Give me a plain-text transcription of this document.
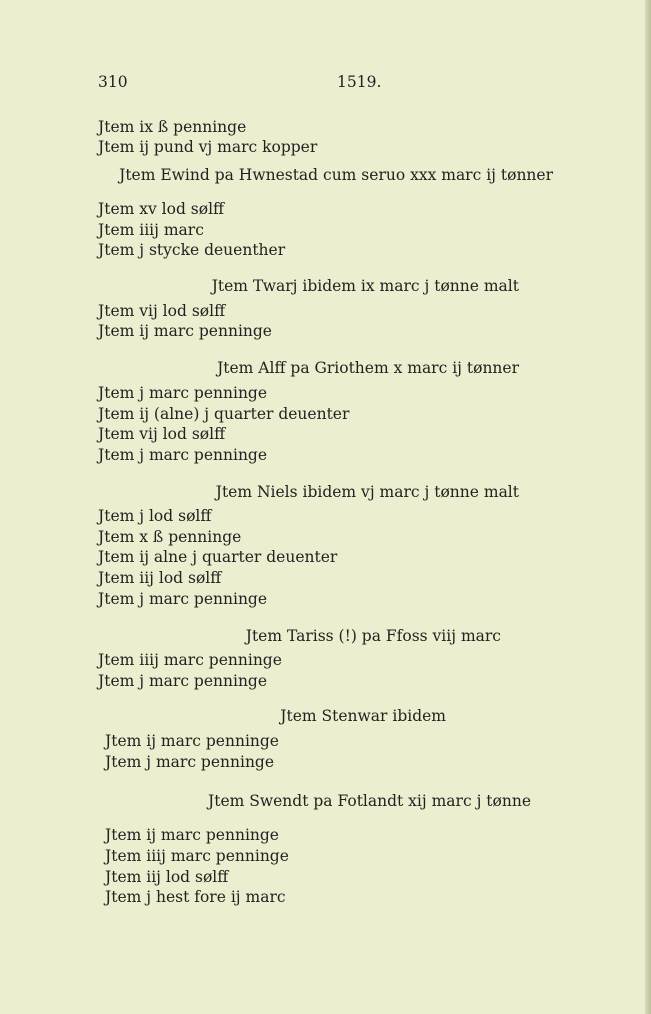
310	1519.
Jtem ix ß penninge
Jtem ij pund vj marc kopper
Jtem Ewind pa Hwnestad cum seruo xxx marc ij tønner
Jtem xv lod sølff
Jtem iiij marc
Jtem j stycke deuenther
Jtem Twarj ibidem ix marc j tønne malt
Jtem vij lod sølff
Jtem ij marc penninge
Jtem Alff pa Griothem x marc ij tønner
Jtem j marc penninge
Jtem ij (alne) j quarter deuenter
Jtem vij lod sølff
Jtem j marc penninge
Jtem Niels ibidem vj marc j tønne malt
Jtem j lod sølff
Jtem x ß penninge
Jtem ij alne j quarter deuenter
Jtem iij lod sølff
Jtem j marc penninge
Jtem Tariss (!) pa Ffoss viij marc
Jtem iiij marc penninge
Jtem j marc penninge
Jtem Stenwar ibidem
Jtem ij marc penninge
Jtem j marc penninge
Jtem Swendt pa Fotlandt xij marc j tønne
Jtem ij marc penninge
Jtem iiij marc penninge
Jtem iij lod sølff
Jtem j hest fore ij marc
